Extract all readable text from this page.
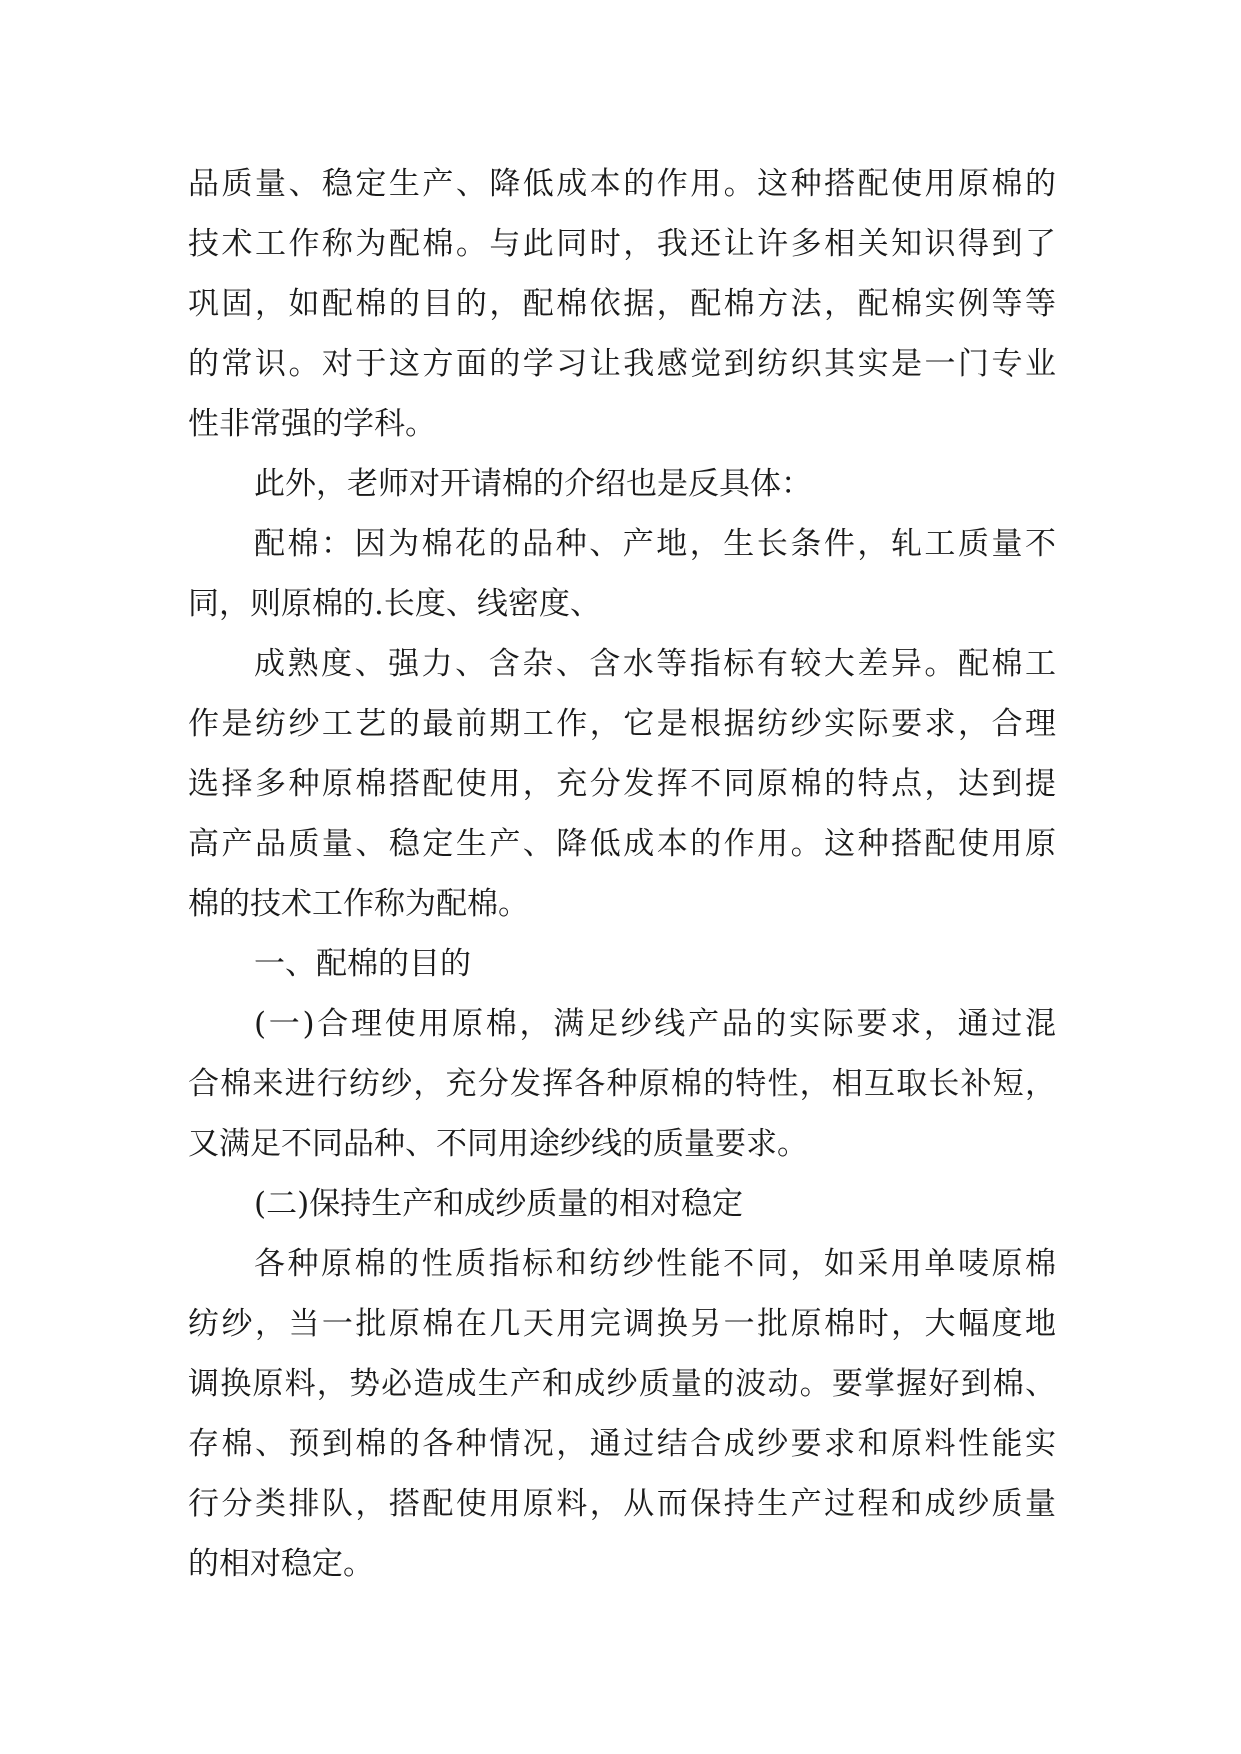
品质量、稳定生产、降低成本的作用。这种搭配使用原棉的
技术工作称为配棉。与此同时，我还让许多相关知识得到了
巩固，如配棉的目的，配棉依据，配棉方法，配棉实例等等
的常识。对于这方面的学习让我感觉到纺织其实是一门专业
性非常强的学科。
此外，老师对开请棉的介绍也是反具体：
配棉：因为棉花的品种、产地，生长条件，轧工质量不
同，则原棉的.长度、线密度、
成熟度、强力、含杂、含水等指标有较大差异。配棉工
作是纺纱工艺的最前期工作，它是根据纺纱实际要求，合理
选择多种原棉搭配使用，充分发挥不同原棉的特点，达到提
高产品质量、稳定生产、降低成本的作用。这种搭配使用原
棉的技术工作称为配棉。
一、配棉的目的
(一)合理使用原棉，满足纱线产品的实际要求，通过混
合棉来进行纺纱，充分发挥各种原棉的特性，相互取长补短，
又满足不同品种、不同用途纱线的质量要求。
(二)保持生产和成纱质量的相对稳定
各种原棉的性质指标和纺纱性能不同，如采用单唛原棉
纺纱，当一批原棉在几天用完调换另一批原棉时，大幅度地
调换原料，势必造成生产和成纱质量的波动。要掌握好到棉、
存棉、预到棉的各种情况，通过结合成纱要求和原料性能实
行分类排队，搭配使用原料，从而保持生产过程和成纱质量
的相对稳定。
